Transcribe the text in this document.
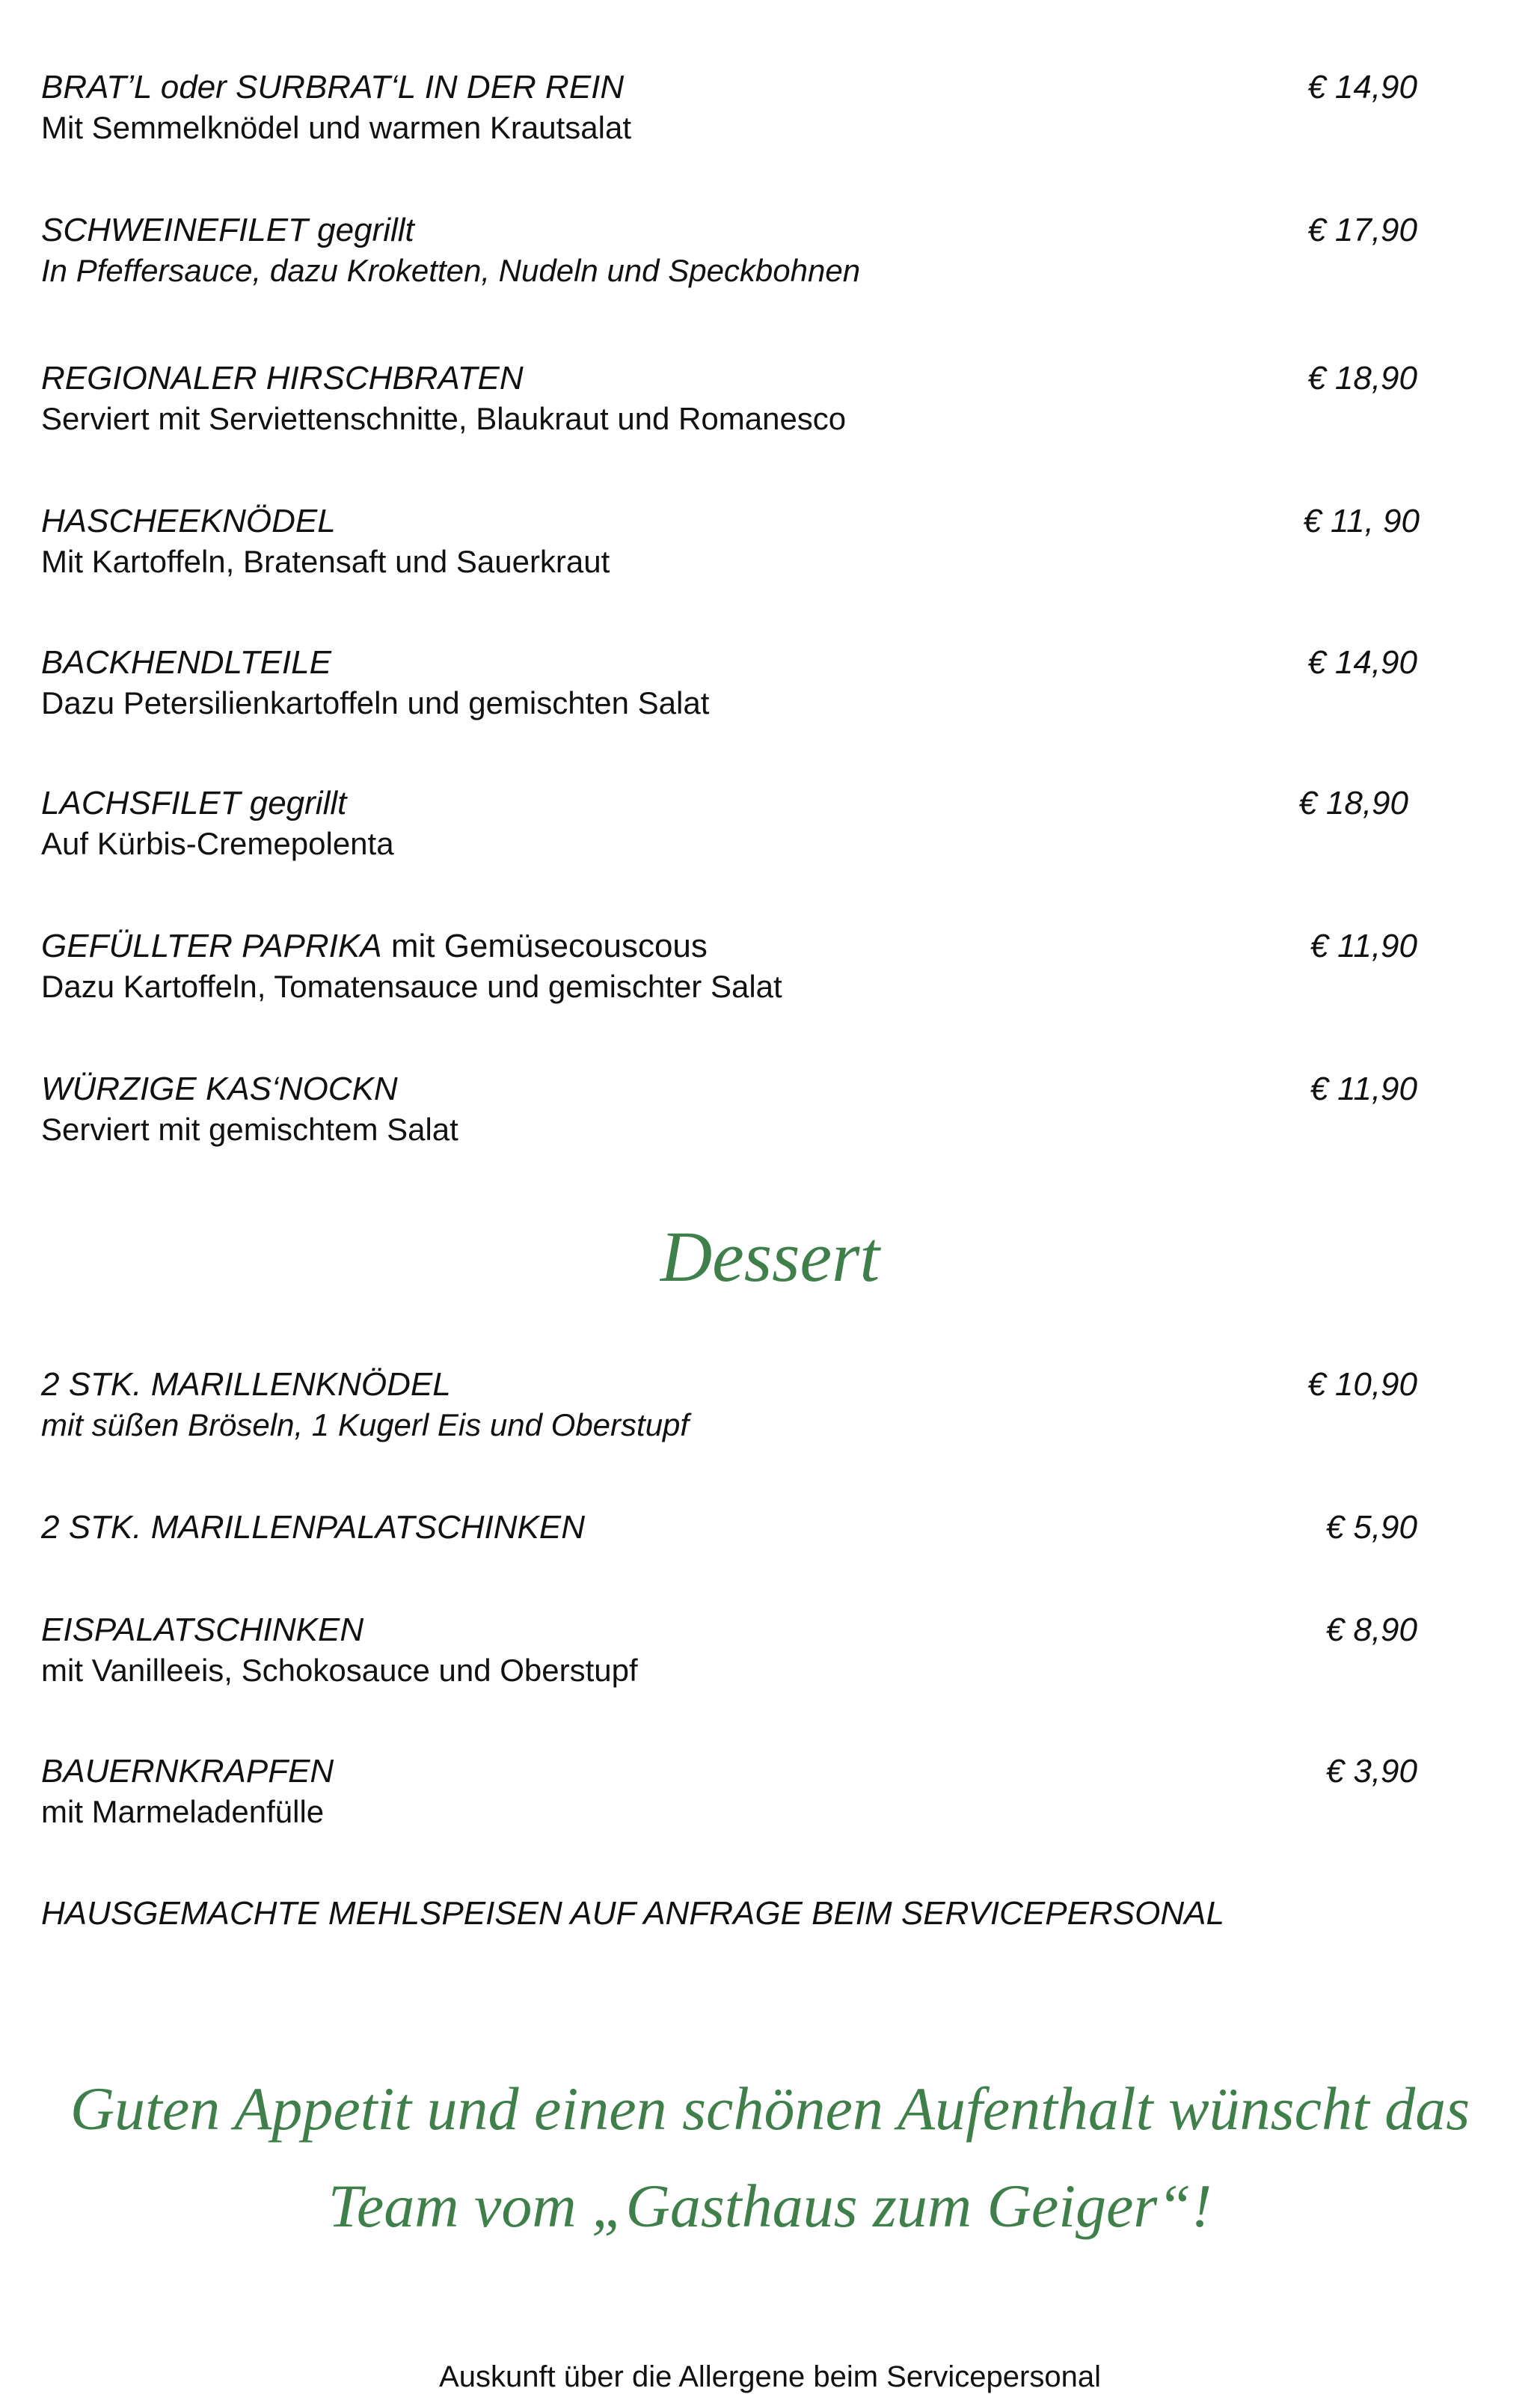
BRAT’L oder SURBRAT‘L IN DER REIN
Mit Semmelknödel und warmen Krautsalat
€ 14,90
SCHWEINEFILET gegrillt
In Pfeffersauce, dazu Kroketten, Nudeln und Speckbohnen
€ 17,90
REGIONALER HIRSCHBRATEN
Serviert mit Serviettenschnitte, Blaukraut und Romanesco
€ 18,90
HASCHEEKNÖDEL
Mit Kartoffeln, Bratensaft und Sauerkraut
€ 11, 90
BACKHENDLTEILE
Dazu Petersilienkartoffeln und gemischten Salat
€ 14,90
LACHSFILET gegrillt
Auf Kürbis-Cremepolenta
€ 18,90
GEFÜLLTER PAPRIKA mit Gemüsecouscous
Dazu Kartoffeln, Tomatensauce und gemischter Salat
€ 11,90
WÜRZIGE KAS‘NOCKN
Serviert mit gemischtem Salat
€ 11,90
Dessert
2 STK. MARILLENKNÖDEL
mit süßen Bröseln, 1 Kugerl Eis und Oberstupf
€ 10,90
2 STK. MARILLENPALATSCHINKEN	€ 5,90
EISPALATSCHINKEN
mit Vanilleeis, Schokosauce und Oberstupf
€ 8,90
BAUERNKRAPFEN
mit Marmeladenfülle
€ 3,90
HAUSGEMACHTE MEHLSPEISEN AUF ANFRAGE BEIM SERVICEPERSONAL
Guten Appetit und einen schönen Aufenthalt wünscht das
Team vom „Gasthaus zum Geiger“!
Auskunft über die Allergene beim Servicepersonal
